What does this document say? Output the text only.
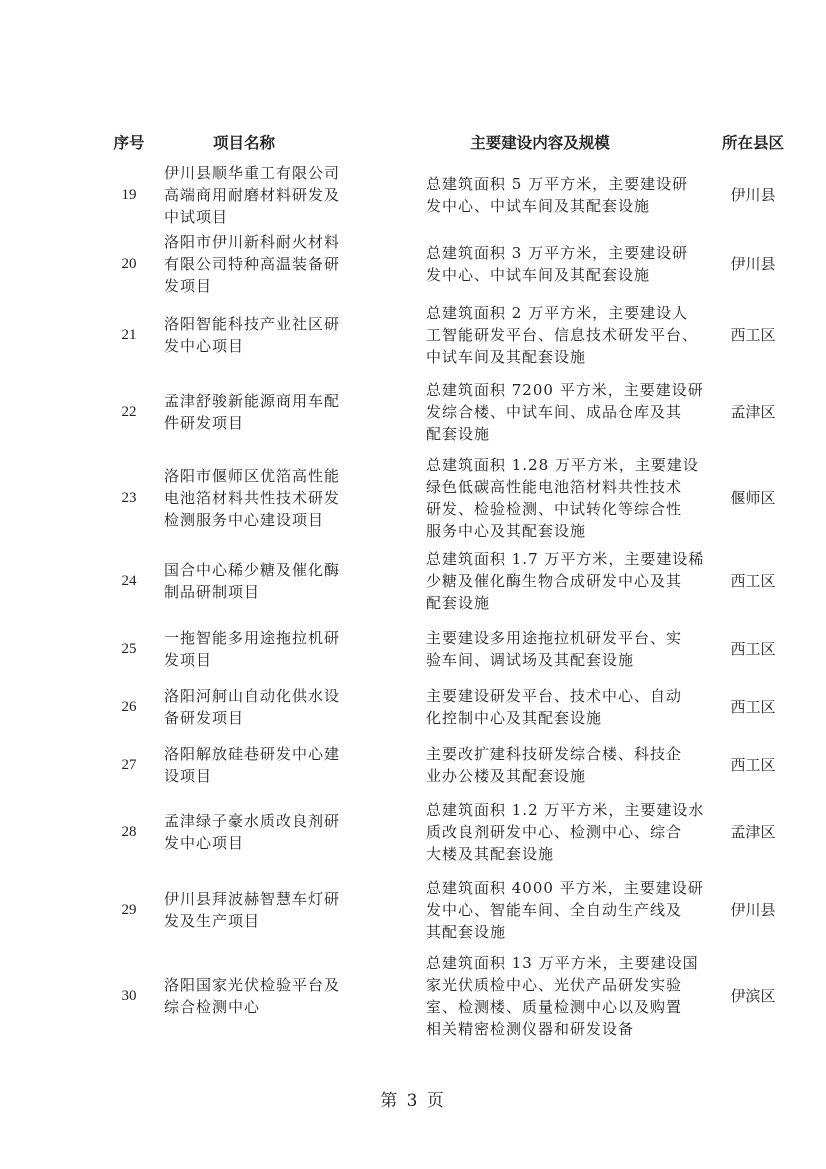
序号	项目名称	主要建设内容及规模	所在县区
19	伊川县顺华重工有限公司
高端商用耐磨材料研发及
中试项目	总建筑面积 5 万平方米，主要建设研
发中心、中试车间及其配套设施	伊川县
20	洛阳市伊川新科耐火材料
有限公司特种高温装备研
发项目	总建筑面积 3 万平方米，主要建设研
发中心、中试车间及其配套设施	伊川县
21	洛阳智能科技产业社区研
发中心项目	总建筑面积 2 万平方米，主要建设人
工智能研发平台、信息技术研发平台、
中试车间及其配套设施	西工区
22	孟津舒骏新能源商用车配
件研发项目	总建筑面积 7200 平方米，主要建设研
发综合楼、中试车间、成品仓库及其
配套设施	孟津区
23	洛阳市偃师区优箔高性能
电池箔材料共性技术研发
检测服务中心建设项目	总建筑面积 1.28 万平方米，主要建设
绿色低碳高性能电池箔材料共性技术
研发、检验检测、中试转化等综合性
服务中心及其配套设施	偃师区
24	国合中心稀少糖及催化酶
制品研制项目	总建筑面积 1.7 万平方米，主要建设稀
少糖及催化酶生物合成研发中心及其
配套设施	西工区
25	一拖智能多用途拖拉机研
发项目	主要建设多用途拖拉机研发平台、实
验车间、调试场及其配套设施	西工区
26	洛阳河舸山自动化供水设
备研发项目	主要建设研发平台、技术中心、自动
化控制中心及其配套设施	西工区
27	洛阳解放硅巷研发中心建
设项目	主要改扩建科技研发综合楼、科技企
业办公楼及其配套设施	西工区
28	孟津绿子豪水质改良剂研
发中心项目	总建筑面积 1.2 万平方米，主要建设水
质改良剂研发中心、检测中心、综合
大楼及其配套设施	孟津区
29	伊川县拜波赫智慧车灯研
发及生产项目	总建筑面积 4000 平方米，主要建设研
发中心、智能车间、全自动生产线及
其配套设施	伊川县
30	洛阳国家光伏检验平台及
综合检测中心	总建筑面积 13 万平方米，主要建设国
家光伏质检中心、光伏产品研发实验
室、检测楼、质量检测中心以及购置
相关精密检测仪器和研发设备	伊滨区
第 3 页
